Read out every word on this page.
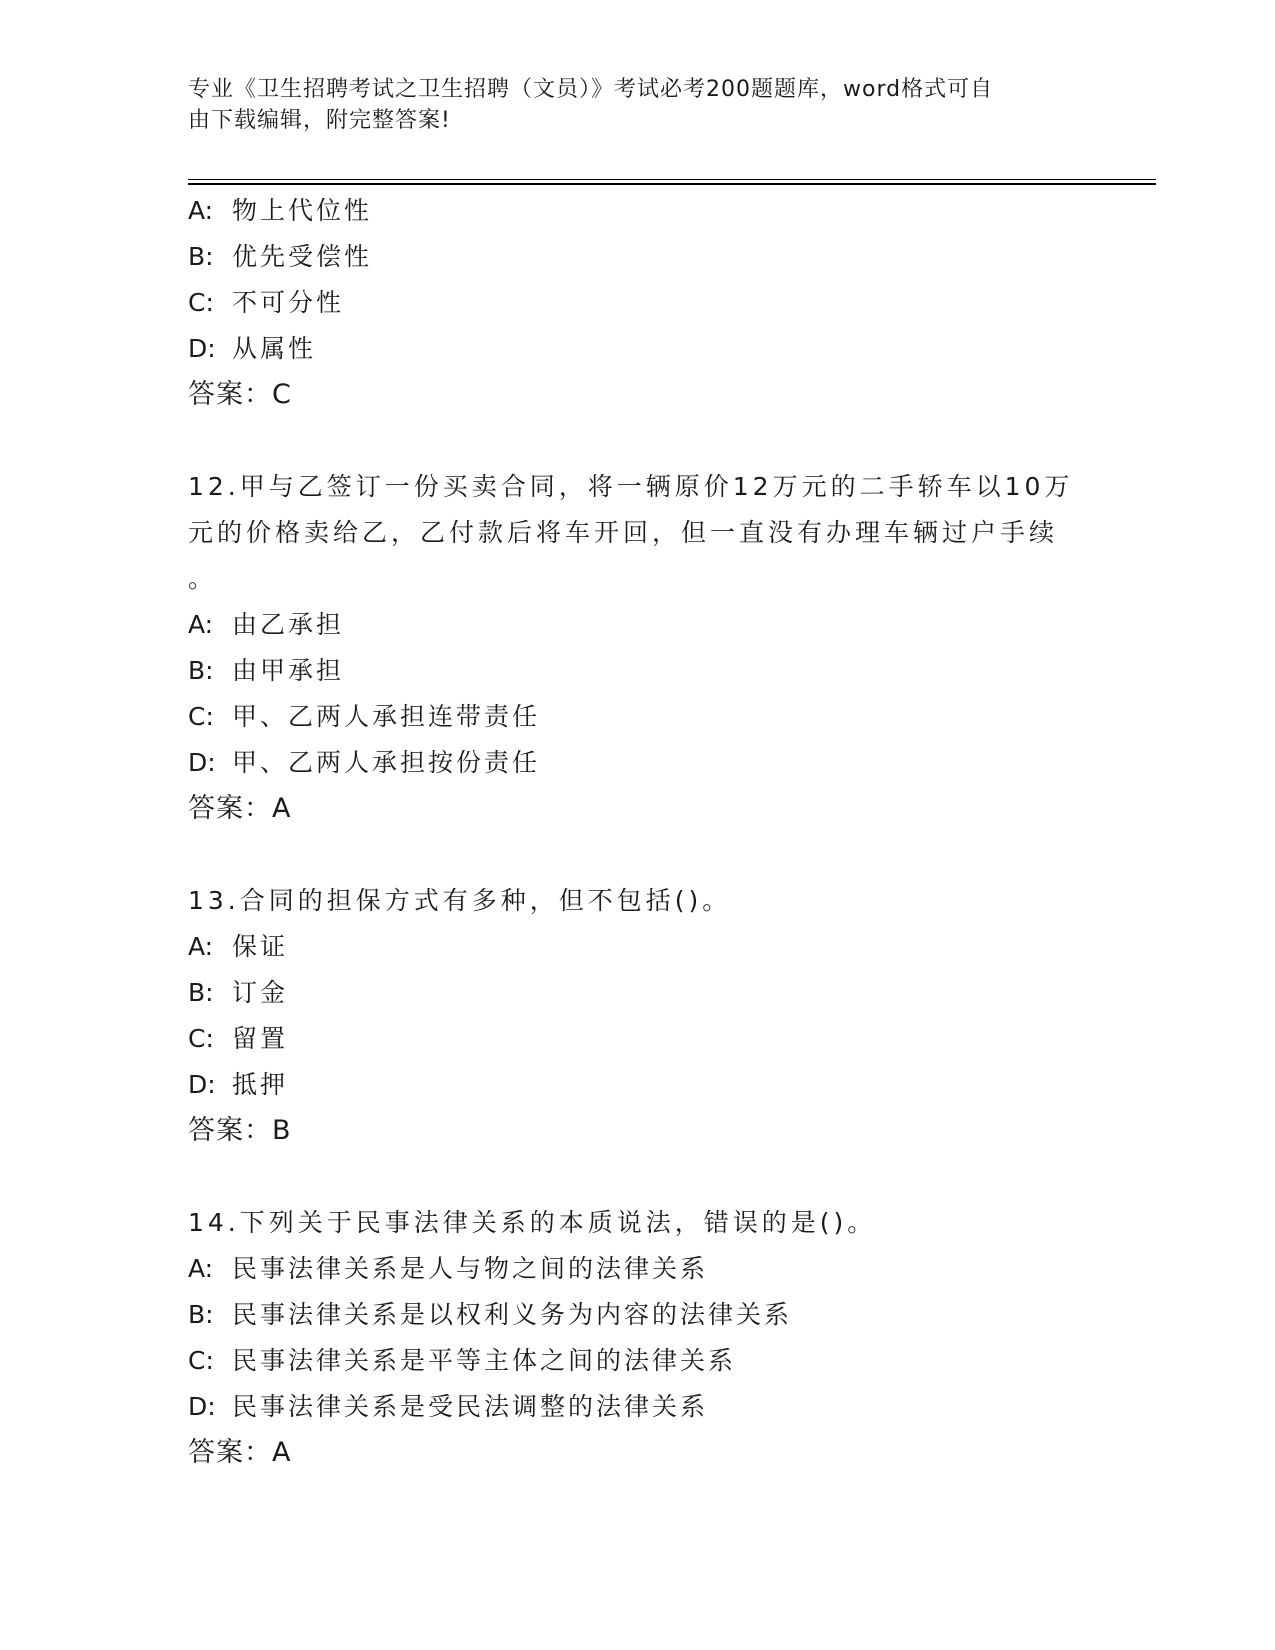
专业《卫生招聘考试之卫生招聘（文员）》考试必考200题题库，word格式可自
由下载编辑，附完整答案!
A: 物上代位性
B: 优先受偿性
C: 不可分性
D: 从属性
答案：C
12.甲与乙签订一份买卖合同，将一辆原价12万元的二手轿车以10万
元的价格卖给乙，乙付款后将车开回，但一直没有办理车辆过户手续
。
A: 由乙承担
B: 由甲承担
C: 甲、乙两人承担连带责任
D: 甲、乙两人承担按份责任
答案：A
13.合同的担保方式有多种，但不包括()。
A: 保证
B: 订金
C: 留置
D: 抵押
答案：B
14.下列关于民事法律关系的本质说法，错误的是()。
A: 民事法律关系是人与物之间的法律关系
B: 民事法律关系是以权利义务为内容的法律关系
C: 民事法律关系是平等主体之间的法律关系
D: 民事法律关系是受民法调整的法律关系
答案：A
